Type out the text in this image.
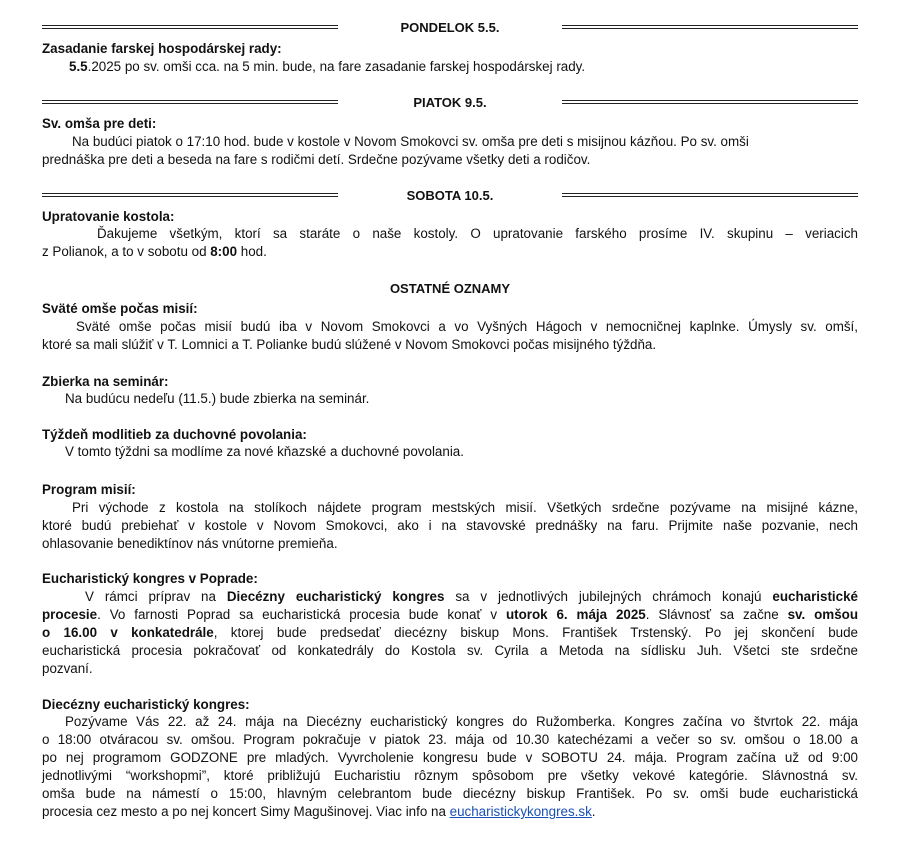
PONDELOK 5.5.
Zasadanie farskej hospodárskej rady:
5.5.2025 po sv. omši cca. na 5 min. bude, na fare zasadanie farskej hospodárskej rady.
PIATOK 9.5.
Sv. omša pre deti:
Na budúci piatok o 17:10 hod. bude v kostole v Novom Smokovci sv. omša pre deti s misijnou kázňou. Po sv. omši
prednáška pre deti a beseda na fare s rodičmi detí. Srdečne pozývame všetky deti a rodičov.
SOBOTA 10.5.
Upratovanie kostola:
Ďakujeme všetkým, ktorí sa staráte o naše kostoly. O upratovanie farského prosíme IV. skupinu – veriacich
z Polianok, a to v sobotu od 8:00 hod.
OSTATNÉ OZNAMY
Sväté omše počas misií:
Sväté omše počas misií budú iba v Novom Smokovci a vo Vyšných Hágoch v nemocničnej kaplnke. Úmysly sv. omší,
ktoré sa mali slúžiť v T. Lomnici a T. Polianke budú slúžené v Novom Smokovci počas misijného týždňa.
Zbierka na seminár:
Na budúcu nedeľu (11.5.) bude zbierka na seminár.
Týždeň modlitieb za duchovné povolania:
V tomto týždni sa modlíme za nové kňazské a duchovné povolania.
Program misií:
Pri východe z kostola na stolíkoch nájdete program mestských misií. Všetkých srdečne pozývame na misijné kázne,
ktoré budú prebiehať v kostole v Novom Smokovci, ako i na stavovské prednášky na faru. Prijmite naše pozvanie, nech
ohlasovanie benediktínov nás vnútorne premieňa.
Eucharistický kongres v Poprade:
V rámci príprav na Diecézny eucharistický kongres sa v jednotlivých jubilejných chrámoch konajú eucharistické
procesie. Vo farnosti Poprad sa eucharistická procesia bude konať v utorok 6. mája 2025. Slávnosť sa začne sv. omšou
o 16.00 v konkatedrále, ktorej bude predsedať diecézny biskup Mons. František Trstenský. Po jej skončení bude
eucharistická procesia pokračovať od konkatedrály do Kostola sv. Cyrila a Metoda na sídlisku Juh. Všetci ste srdečne
pozvaní.
Diecézny eucharistický kongres:
Pozývame Vás 22. až 24. mája na Diecézny eucharistický kongres do Ružomberka. Kongres začína vo štvrtok 22. mája
o 18:00 otváracou sv. omšou. Program pokračuje v piatok 23. mája od 10.30 katechézami a večer so sv. omšou o 18.00 a
po nej programom GODZONE pre mladých. Vyvrcholenie kongresu bude v SOBOTU 24. mája. Program začína už od 9:00
jednotlivými “workshopmi”, ktoré približujú Eucharistiu rôznym spôsobom pre všetky vekové kategórie. Slávnostná sv.
omša bude na námestí o 15:00, hlavným celebrantom bude diecézny biskup František. Po sv. omši bude eucharistická
procesia cez mesto a po nej koncert Simy Magušinovej. Viac info na eucharistickykongres.sk.
